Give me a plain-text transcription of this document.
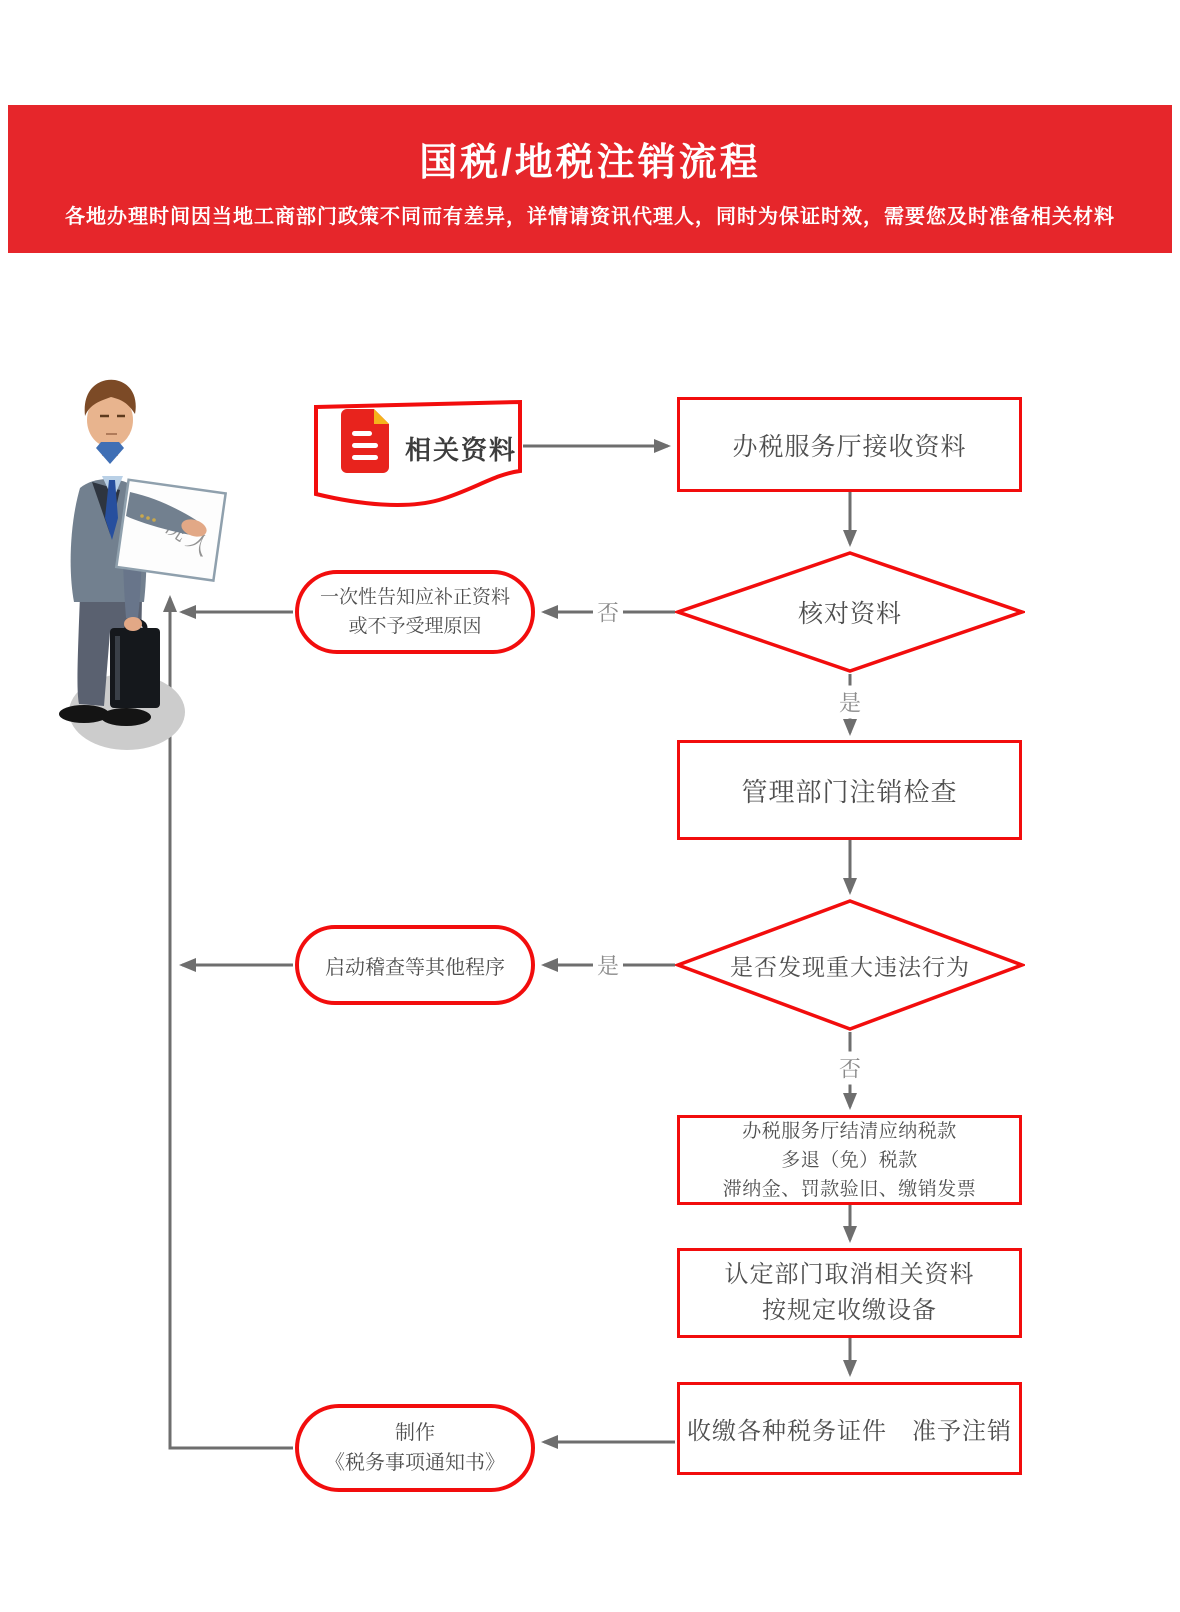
国税/地税注销流程
各地办理时间因当地工商部门政策不同而有差异，详情请资讯代理人，同时为保证时效，需要您及时准备相关材料
相关资料	办税服务厅接收资料
核对资料
一次性告知应补正资料
或不予受理原因
管理部门注销检查
是否发现重大违法行为
启动稽查等其他程序
办税服务厅结清应纳税款
多退（免）税款
滞纳金、罚款验旧、缴销发票
认定部门取消相关资料
按规定收缴设备
收缴各种税务证件　准予注销
制作
《税务事项通知书》
否
是
是
否
